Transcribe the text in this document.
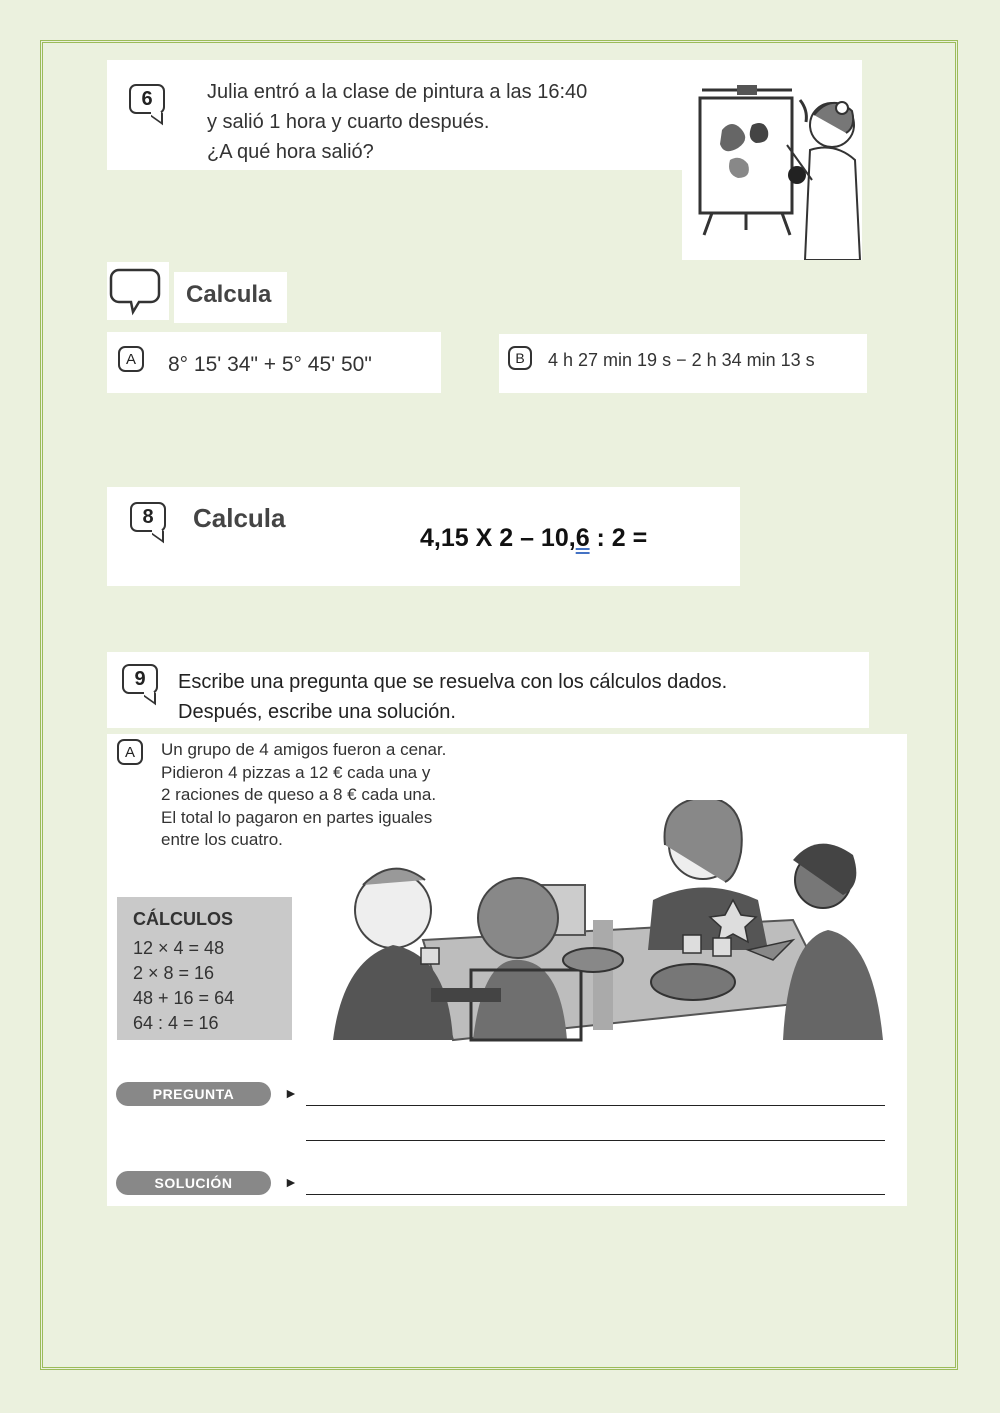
6	Julia entró a la clase de pintura a las 16:40
y salió 1 hora y cuarto después.
¿A qué hora salió?
Calcula
A	8° 15' 34" + 5° 45' 50"	B	4 h 27 min 19 s − 2 h 34 min 13 s
8	Calcula
4,15 X 2 – 10,6 : 2 =
9	Escribe una pregunta que se resuelva con los cálculos dados.
Después, escribe una solución.
A	Un grupo de 4 amigos fueron a cenar.
Pidieron 4 pizzas a 12 € cada una y
2 raciones de queso a 8 € cada una.
El total lo pagaron en partes iguales
entre los cuatro.
CÁLCULOS
12 × 4 = 48
2 × 8 = 16
48 + 16 = 64
64 : 4 = 16
PREGUNTA	►
SOLUCIÓN	►
